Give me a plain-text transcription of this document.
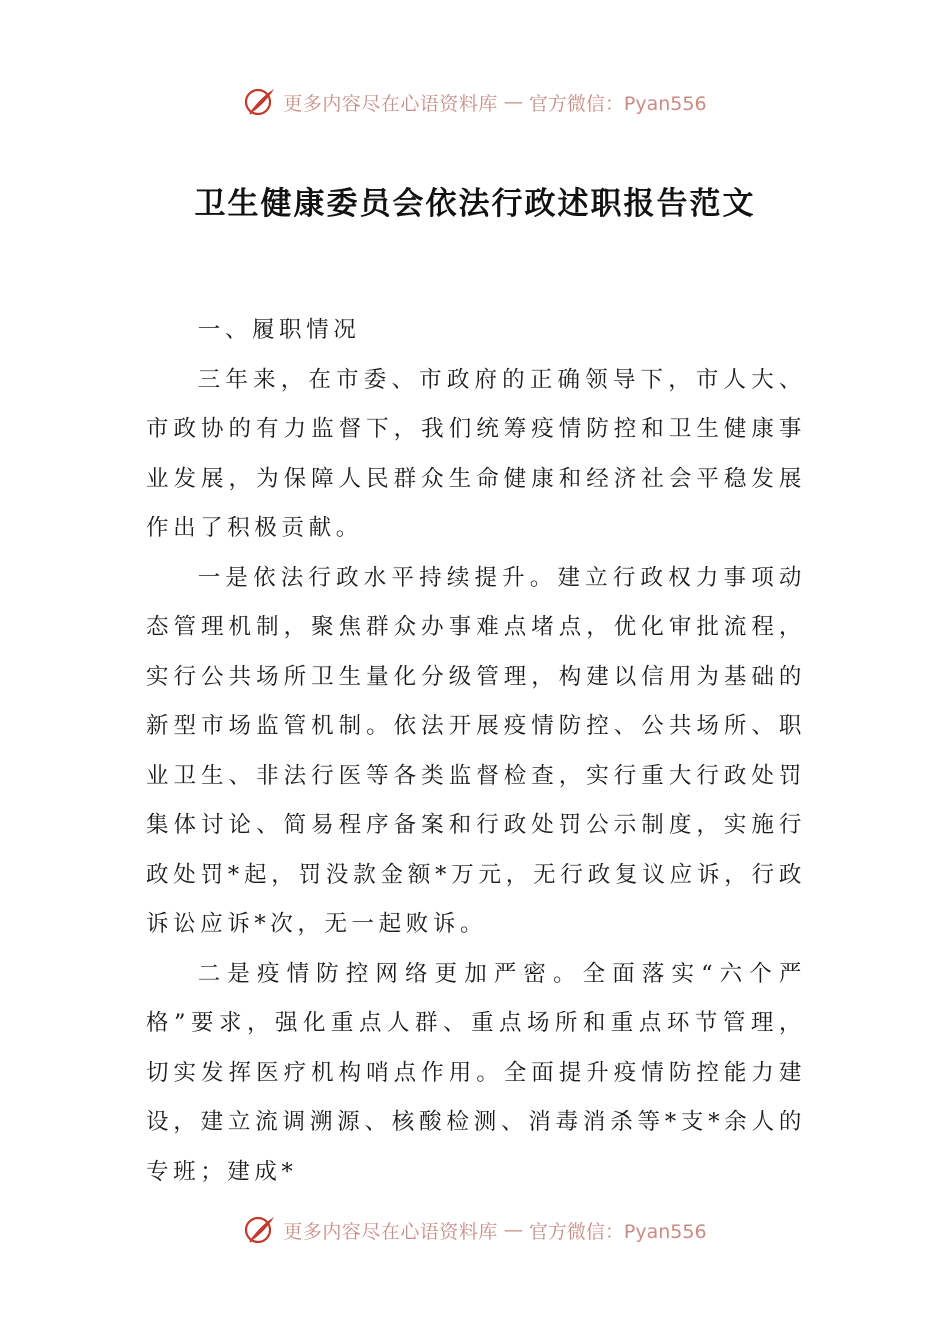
更多内容尽在心语资料库 — 官方微信：Pyan556
卫生健康委员会依法行政述职报告范文

一、履职情况

三年来，在市委、市政府的正确领导下，市人大、市政协的有力监督下，我们统筹疫情防控和卫生健康事业发展，为保障人民群众生命健康和经济社会平稳发展作出了积极贡献。

一是依法行政水平持续提升。建立行政权力事项动态管理机制，聚焦群众办事难点堵点，优化审批流程，实行公共场所卫生量化分级管理，构建以信用为基础的新型市场监管机制。依法开展疫情防控、公共场所、职业卫生、非法行医等各类监督检查，实行重大行政处罚集体讨论、简易程序备案和行政处罚公示制度，实施行政处罚*起，罚没款金额*万元，无行政复议应诉，行政诉讼应诉*次，无一起败诉。

二是疫情防控网络更加严密。全面落实“六个严格”要求，强化重点人群、重点场所和重点环节管理，切实发挥医疗机构哨点作用。全面提升疫情防控能力建设，建立流调溯源、核酸检测、消毒消杀等*支*余人的专班；建成*

更多内容尽在心语资料库 — 官方微信：Pyan556
